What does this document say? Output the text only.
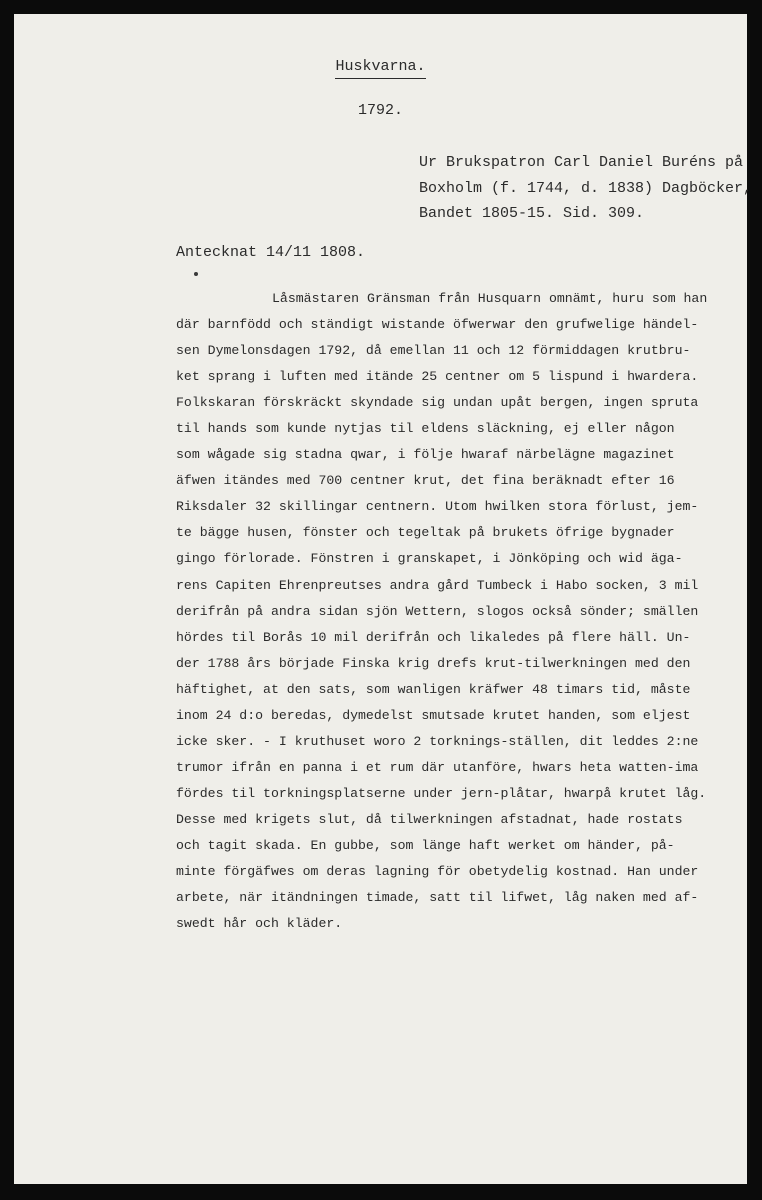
Huskvarna.
1792.
Ur Brukspatron Carl Daniel Buréns på
Boxholm (f. 1744, d. 1838) Dagböcker,
Bandet 1805-15. Sid. 309.
Antecknat 14/11 1808.
Låsmästaren Gränsman från Husquarn omnämt, huru som han
där barnfödd och ständigt wistande öfwerwar den grufwelige händel-
sen Dymelonsdagen 1792, då emellan 11 och 12 förmiddagen krutbru-
ket sprang i luften med itände 25 centner om 5 lispund i hwardera.
Folkskaran förskräckt skyndade sig undan upåt bergen, ingen spruta
til hands som kunde nytjas til eldens släckning, ej eller någon
som wågade sig stadna qwar, i följe hwaraf närbelägne magazinet
äfwen itändes med 700 centner krut, det fina beräknadt efter 16
Riksdaler 32 skillingar centnern. Utom hwilken stora förlust, jem-
te bägge husen, fönster och tegeltak på brukets öfrige bygnader
gingo förlorade. Fönstren i granskapet, i Jönköping och wid äga-
rens Capiten Ehrenpreutses andra gård Tumbeck i Habo socken, 3 mil
derifrån på andra sidan sjön Wettern, slogos också sönder; smällen
hördes til Borås 10 mil derifrån och likaledes på flere häll. Un-
der 1788 års började Finska krig drefs krut-tilwerkningen med den
häftighet, at den sats, som wanligen kräfwer 48 timars tid, måste
inom 24 d:o beredas, dymedelst smutsade krutet handen, som eljest
icke sker. - I kruthuset woro 2 torknings-ställen, dit leddes 2:ne
trumor ifrån en panna i et rum där utanföre, hwars heta watten-ima
fördes til torkningsplatserne under jern-plåtar, hwarpå krutet låg.
Desse med krigets slut, då tilwerkningen afstadnat, hade rostats
och tagit skada. En gubbe, som länge haft werket om händer, på-
minte förgäfwes om deras lagning för obetydelig kostnad. Han under
arbete, när itändningen timade, satt til lifwet, låg naken med af-
swedt hår och kläder.
